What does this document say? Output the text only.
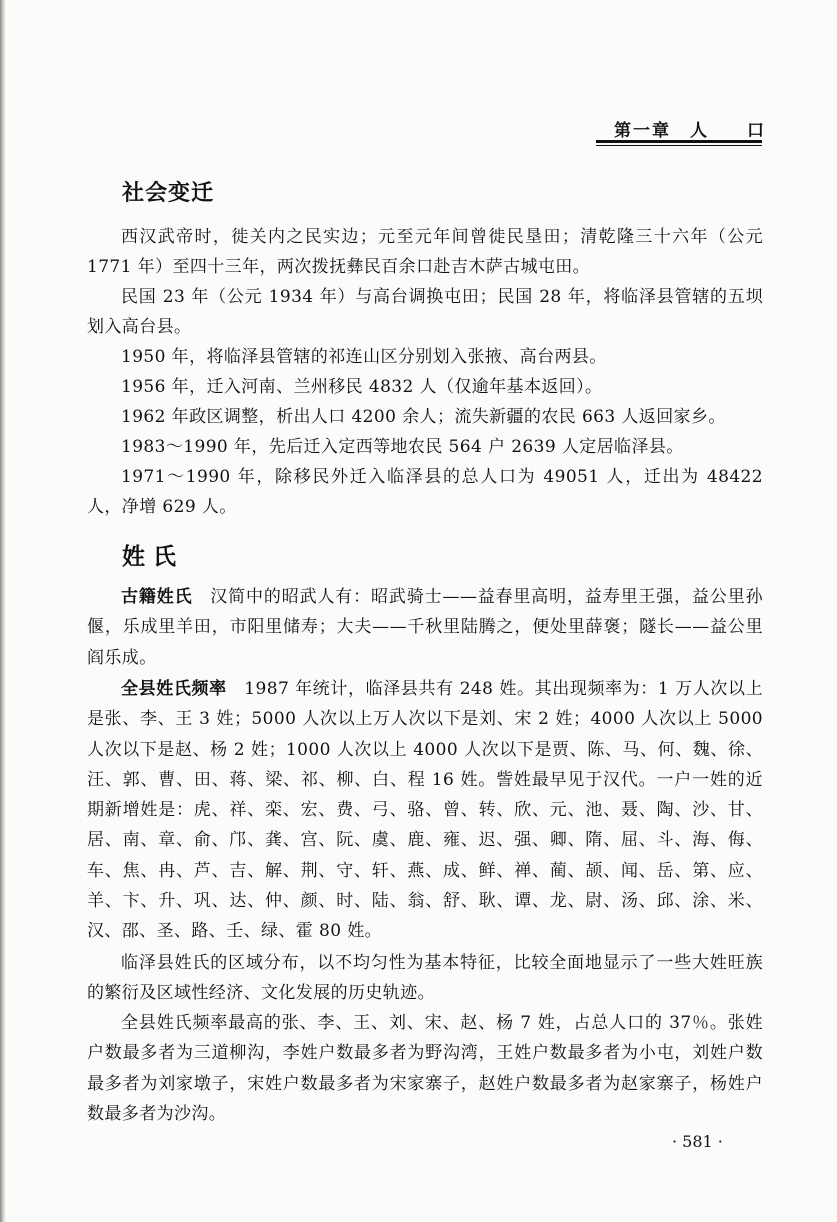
第一章　人　　口
社会变迁

西汉武帝时，徙关内之民实边；元至元年间曾徙民垦田；清乾隆三十六年（公元 1771 年）至四十三年，两次拨抚彝民百余口赴吉木萨古城屯田。

民国 23 年（公元 1934 年）与高台调换屯田；民国 28 年，将临泽县管辖的五坝划入高台县。

1950 年，将临泽县管辖的祁连山区分别划入张掖、高台两县。

1956 年，迁入河南、兰州移民 4832 人（仅逾年基本返回）。

1962 年政区调整，析出人口 4200 余人；流失新疆的农民 663 人返回家乡。

1983～1990 年，先后迁入定西等地农民 564 户 2639 人定居临泽县。

1971～1990 年，除移民外迁入临泽县的总人口为 49051 人，迁出为 48422 人，净增 629 人。

姓氏

古籍姓氏　汉简中的昭武人有：昭武骑士——益春里高明，益寿里王强，益公里孙偃，乐成里羊田，市阳里储寿；大夫——千秋里陆腾之，便处里薛褒；隧长——益公里阎乐成。

全县姓氏频率　1987 年统计，临泽县共有 248 姓。其出现频率为：1 万人次以上是张、李、王 3 姓；5000 人次以上万人次以下是刘、宋 2 姓；4000 人次以上 5000 人次以下是赵、杨 2 姓；1000 人次以上 4000 人次以下是贾、陈、马、何、魏、徐、汪、郭、曹、田、蒋、梁、祁、柳、白、程 16 姓。訾姓最早见于汉代。一户一姓的近期新增姓是：虎、祥、栾、宏、费、弓、骆、曾、转、欣、元、池、聂、陶、沙、甘、居、南、章、俞、邝、龚、宫、阮、虞、鹿、雍、迟、强、卿、隋、屈、斗、海、侮、车、焦、冉、芦、吉、解、荆、守、轩、燕、成、鲜、禅、蔺、颉、闻、岳、第、应、羊、卞、升、巩、达、仲、颜、时、陆、翁、舒、耿、谭、龙、尉、汤、邱、涂、米、汉、邵、圣、路、壬、绿、霍 80 姓。

临泽县姓氏的区域分布，以不均匀性为基本特征，比较全面地显示了一些大姓旺族的繁衍及区域性经济、文化发展的历史轨迹。

全县姓氏频率最高的张、李、王、刘、宋、赵、杨 7 姓，占总人口的 37％。张姓户数最多者为三道柳沟，李姓户数最多者为野沟湾，王姓户数最多者为小屯，刘姓户数最多者为刘家墩子，宋姓户数最多者为宋家寨子，赵姓户数最多者为赵家寨子，杨姓户数最多者为沙沟。

· 581 ·
